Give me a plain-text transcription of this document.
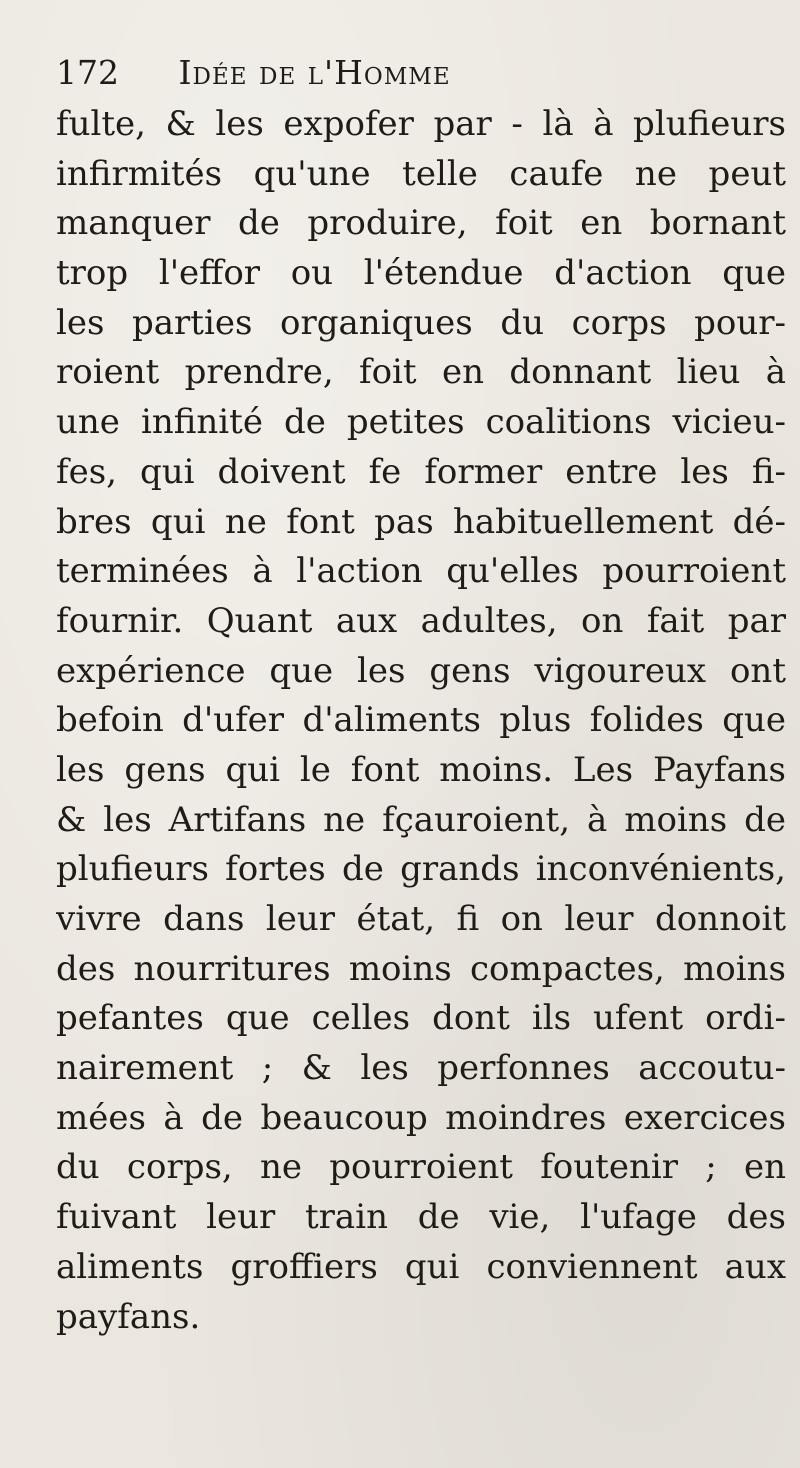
172 Idée de l'Homme
fulte, & les expofer par - là à plufieurs
infirmités qu'une telle caufe ne peut
manquer de produire, foit en bornant
trop l'effor ou l'étendue d'action que
les parties organiques du corps pour-
roient prendre, foit en donnant lieu à
une infinité de petites coalitions vicieu-
fes, qui doivent fe former entre les fi-
bres qui ne font pas habituellement dé-
terminées à l'action qu'elles pourroient
fournir. Quant aux adultes, on fait par
expérience que les gens vigoureux ont
befoin d'ufer d'aliments plus folides que
les gens qui le font moins. Les Payfans
& les Artifans ne fçauroient, à moins de
plufieurs fortes de grands inconvénients,
vivre dans leur état, fi on leur donnoit
des nourritures moins compactes, moins
pefantes que celles dont ils ufent ordi-
nairement ; & les perfonnes accoutu-
mées à de beaucoup moindres exercices
du corps, ne pourroient foutenir ; en
fuivant leur train de vie, l'ufage des
aliments groffiers qui conviennent aux
payfans.
